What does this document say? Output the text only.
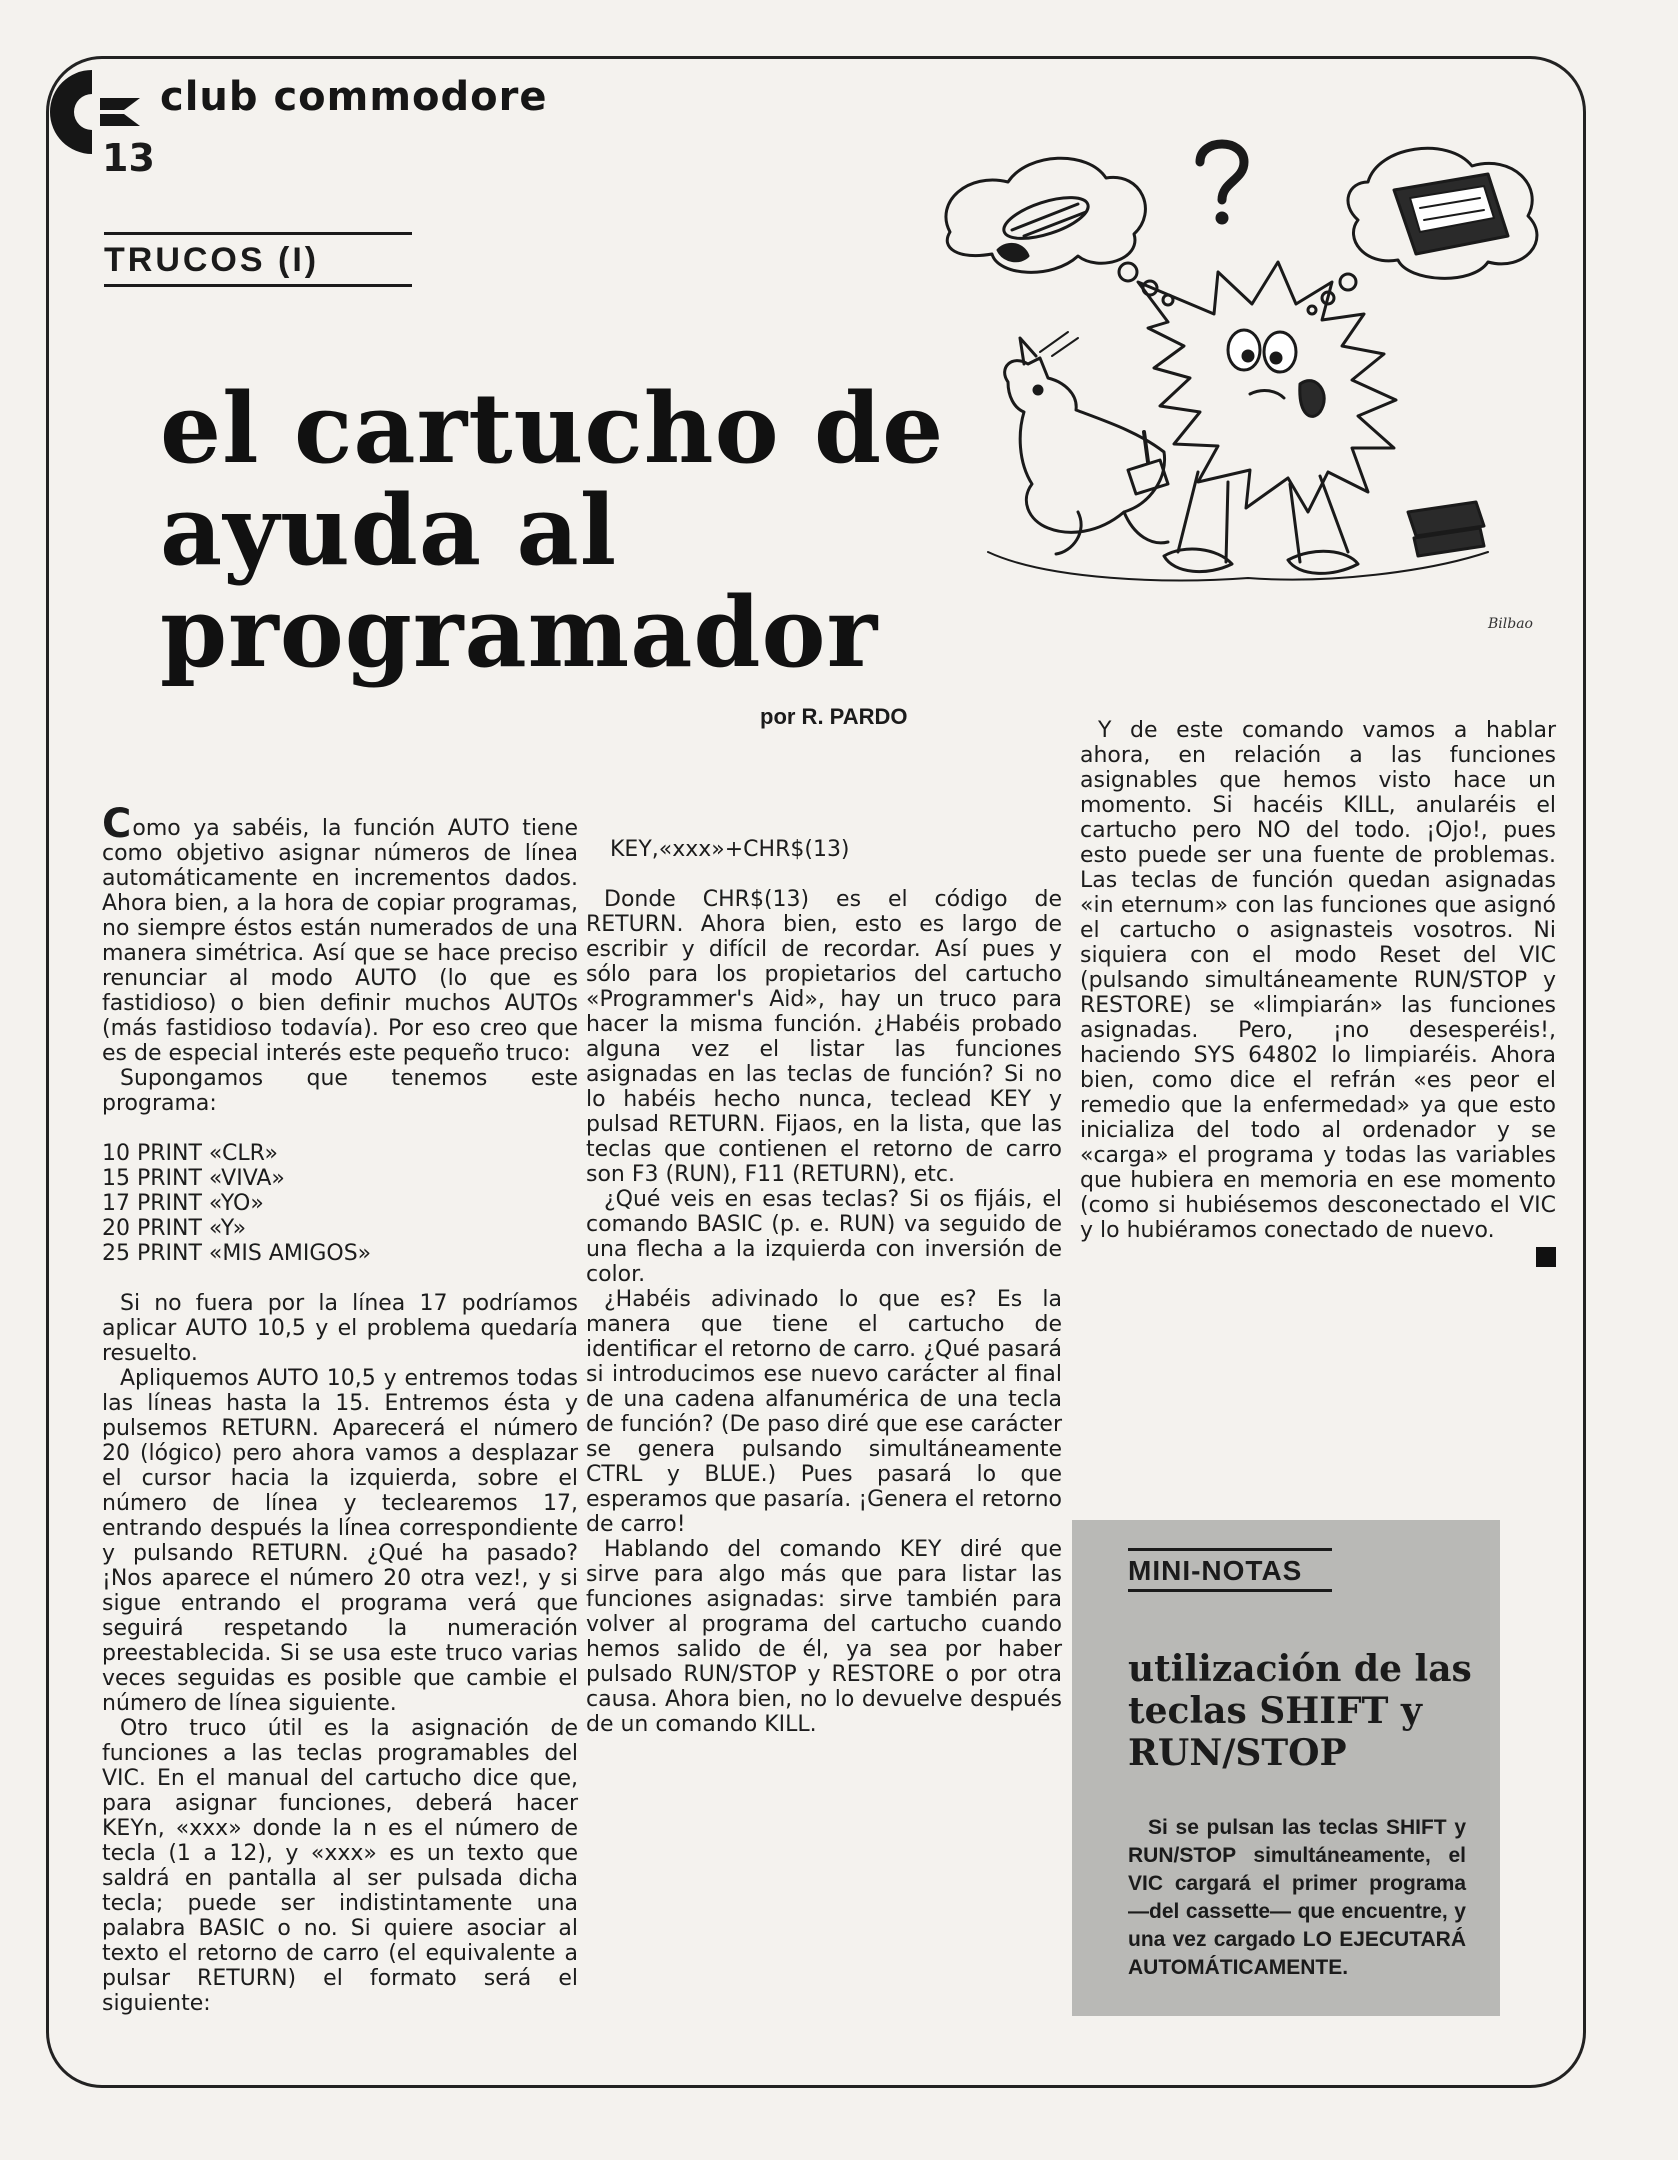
club commodore
13
TRUCOS (I)
el cartucho de
ayuda al
programador	Bilbao
por R. PARDO

Como ya sabéis, la función AUTO tiene como objetivo asignar números de línea automáticamente en incrementos dados. Ahora bien, a la hora de copiar programas, no siempre éstos están numerados de una manera simétrica. Así que se hace preciso renunciar al modo AUTO (lo que es fastidioso) o bien definir muchos AUTOs (más fastidioso todavía). Por eso creo que es de especial interés este pequeño truco:

Supongamos que tenemos este programa:

10 PRINT «CLR»
15 PRINT «VIVA»
17 PRINT «YO»
20 PRINT «Y»
25 PRINT «MIS AMIGOS»

Si no fuera por la línea 17 podríamos aplicar AUTO 10,5 y el problema quedaría resuelto.

Apliquemos AUTO 10,5 y entremos todas las líneas hasta la 15. Entremos ésta y pulsemos RETURN. Aparecerá el número 20 (lógico) pero ahora vamos a desplazar el cursor hacia la izquierda, sobre el número de línea y teclearemos 17, entrando después la línea correspondiente y pulsando RETURN. ¿Qué ha pasado? ¡Nos aparece el número 20 otra vez!, y si sigue entrando el programa verá que seguirá respetando la numeración preestablecida. Si se usa este truco varias veces seguidas es posible que cambie el número de línea siguiente.

Otro truco útil es la asignación de funciones a las teclas programables del VIC. En el manual del cartucho dice que, para asignar funciones, deberá hacer KEYn, «xxx» donde la n es el número de tecla (1 a 12), y «xxx» es un texto que saldrá en pantalla al ser pulsada dicha tecla; puede ser indistintamente una palabra BASIC o no. Si quiere asociar al texto el retorno de carro (el equivalente a pulsar RETURN) el formato será el siguiente:

KEY,«xxx»+CHR$(13)

Donde CHR$(13) es el código de RETURN. Ahora bien, esto es largo de escribir y difícil de recordar. Así pues y sólo para los propietarios del cartucho «Programmer's Aid», hay un truco para hacer la misma función. ¿Habéis probado alguna vez el listar las funciones asignadas en las teclas de función? Si no lo habéis hecho nunca, teclead KEY y pulsad RETURN. Fijaos, en la lista, que las teclas que contienen el retorno de carro son F3 (RUN), F11 (RETURN), etc.

¿Qué veis en esas teclas? Si os fijáis, el comando BASIC (p. e. RUN) va seguido de una flecha a la izquierda con inversión de color.

¿Habéis adivinado lo que es? Es la manera que tiene el cartucho de identificar el retorno de carro. ¿Qué pasará si introducimos ese nuevo carácter al final de una cadena alfanumérica de una tecla de función? (De paso diré que ese carácter se genera pulsando simultáneamente CTRL y BLUE.) Pues pasará lo que esperamos que pasaría. ¡Genera el retorno de carro!

Hablando del comando KEY diré que sirve para algo más que para listar las funciones asignadas: sirve también para volver al programa del cartucho cuando hemos salido de él, ya sea por haber pulsado RUN/STOP y RESTORE o por otra causa. Ahora bien, no lo devuelve después de un comando KILL.

Y de este comando vamos a hablar ahora, en relación a las funciones asignables que hemos visto hace un momento. Si hacéis KILL, anularéis el cartucho pero NO del todo. ¡Ojo!, pues esto puede ser una fuente de problemas. Las teclas de función quedan asignadas «in eternum» con las funciones que asignó el cartucho o asignasteis vosotros. Ni siquiera con el modo Reset del VIC (pulsando simultáneamente RUN/STOP y RESTORE) se «limpiarán» las funciones asignadas. Pero, ¡no desesperéis!, haciendo SYS 64802 lo limpiaréis. Ahora bien, como dice el refrán «es peor el remedio que la enfermedad» ya que esto inicializa del todo al ordenador y se «carga» el programa y todas las variables que hubiera en memoria en ese momento (como si hubiésemos desconectado el VIC y lo hubiéramos conectado de nuevo.

MINI-NOTAS
utilización de las teclas SHIFT y RUN/STOP

Si se pulsan las teclas SHIFT y RUN/STOP simultáneamente, el VIC cargará el primer programa —del cassette— que encuentre, y una vez cargado LO EJECUTARÁ AUTOMÁTICAMENTE.
